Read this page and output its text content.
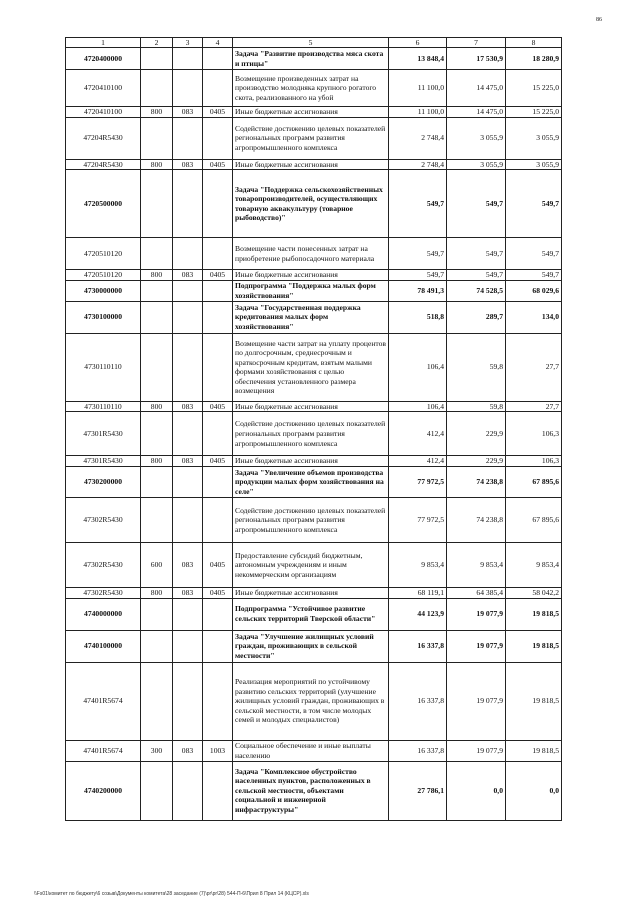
86
1	2	3	4	5	6	7	8
4720400000				Задача "Развитие производства мяса скота и птицы"	13 848,4	17 530,9	18 280,9
4720410100				Возмещение произведенных затрат на производство молодняка крупного рогатого скота, реализованного на убой	11 100,0	14 475,0	15 225,0
4720410100	800	083	0405	Иные бюджетные ассигнования	11 100,0	14 475,0	15 225,0
47204R5430				Содействие достижению целевых показателей региональных программ развития агропромышленного комплекса	2 748,4	3 055,9	3 055,9
47204R5430	800	083	0405	Иные бюджетные ассигнования	2 748,4	3 055,9	3 055,9
4720500000				Задача "Поддержка сельскохозяйственных товаропроизводителей, осуществляющих товарную аквакультуру (товарное рыбоводство)"	549,7	549,7	549,7
4720510120				Возмещение части понесенных затрат на приобретение рыбопосадочного материала	549,7	549,7	549,7
4720510120	800	083	0405	Иные бюджетные ассигнования	549,7	549,7	549,7
4730000000				Подпрограмма "Поддержка малых форм хозяйствования"	78 491,3	74 528,5	68 029,6
4730100000				Задача "Государственная поддержка кредитования малых форм хозяйствования"	518,8	289,7	134,0
4730110110				Возмещение части затрат на уплату процентов по долгосрочным, среднесрочным и краткосрочным кредитам, взятым малыми формами хозяйствования с целью обеспечения установленного размера возмещения	106,4	59,8	27,7
4730110110	800	083	0405	Иные бюджетные ассигнования	106,4	59,8	27,7
47301R5430				Содействие достижению целевых показателей региональных программ развития агропромышленного комплекса	412,4	229,9	106,3
47301R5430	800	083	0405	Иные бюджетные ассигнования	412,4	229,9	106,3
4730200000				Задача "Увеличение объемов производства продукции малых форм хозяйствования на селе"	77 972,5	74 238,8	67 895,6
47302R5430				Содействие достижению целевых показателей региональных программ развития агропромышленного комплекса	77 972,5	74 238,8	67 895,6
47302R5430	600	083	0405	Предоставление субсидий бюджетным, автономным учреждениям и иным некоммерческим организациям	9 853,4	9 853,4	9 853,4
47302R5430	800	083	0405	Иные бюджетные ассигнования	68 119,1	64 385,4	58 042,2
4740000000				Подпрограмма "Устойчивое развитие сельских территорий Тверской области"	44 123,9	19 077,9	19 818,5
4740100000				Задача "Улучшение жилищных условий граждан, проживающих в сельской местности"	16 337,8	19 077,9	19 818,5
47401R5674				Реализация мероприятий по устойчивому развитию сельских территорий (улучшение жилищных условий граждан, проживающих в сельской местности, в том числе молодых семей и молодых специалистов)	16 337,8	19 077,9	19 818,5
47401R5674	300	083	1003	Социальное обеспечение и иные выплаты населению	16 337,8	19 077,9	19 818,5
4740200000				Задача "Комплексное обустройство населенных пунктов, расположенных в сельской местности, объектами социальной и инженерной инфраструктуры"	27 786,1	0,0	0,0
\\Fs01\комитет по бюджету\6 созыв\Документы комитета\28 заседание (7)\pr\pr\28) 544-П-6\Прил 8 Прил 14 (КЦСР).xls
